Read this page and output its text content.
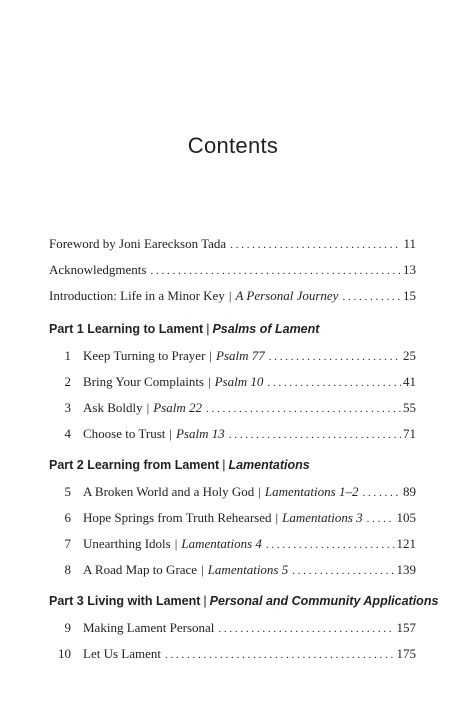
Contents
Foreword by Joni Eareckson Tada . . .	11
Acknowledgments . . .	13
Introduction: Life in a Minor Key | A Personal Journey . . .	15
Part 1 Learning to Lament | Psalms of Lament
1 Keep Turning to Prayer | Psalm 77 . . .	25
2 Bring Your Complaints | Psalm 10 . . .	41
3 Ask Boldly | Psalm 22 . . .	55
4 Choose to Trust | Psalm 13 . . .	71
Part 2 Learning from Lament | Lamentations
5 A Broken World and a Holy God | Lamentations 1–2 . . .	89
6 Hope Springs from Truth Rehearsed | Lamentations 3 . . .	105
7 Unearthing Idols | Lamentations 4 . . .	121
8 A Road Map to Grace | Lamentations 5 . . .	139
Part 3 Living with Lament | Personal and Community Applications
9 Making Lament Personal . . .	157
10 Let Us Lament . . .	175
